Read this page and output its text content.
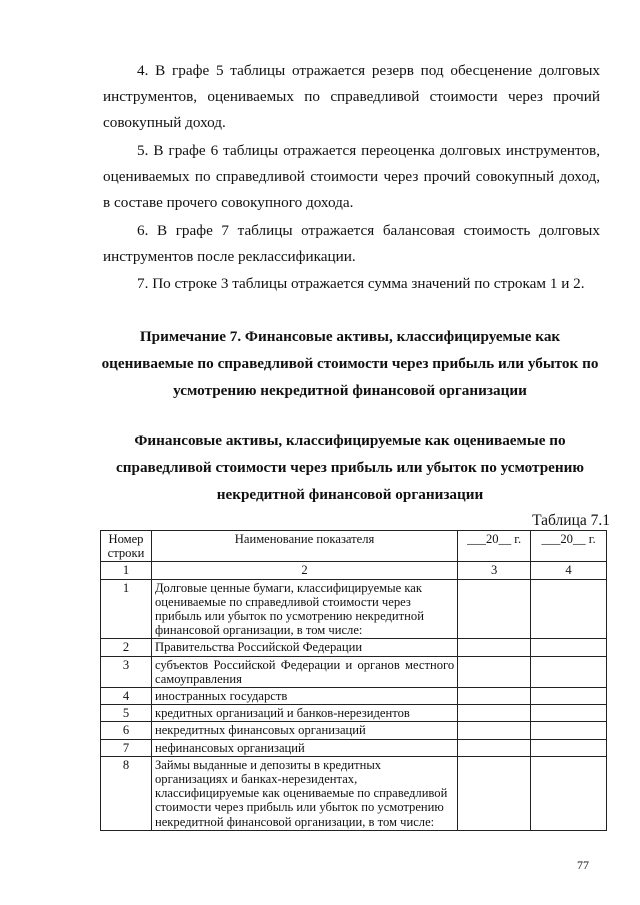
4. В графе 5 таблицы отражается резерв под обесценение долговых инструментов, оцениваемых по справедливой стоимости через прочий совокупный доход.

5. В графе 6 таблицы отражается переоценка долговых инструментов, оцениваемых по справедливой стоимости через прочий совокупный доход, в составе прочего совокупного дохода.

6. В графе 7 таблицы отражается балансовая стоимость долговых инструментов после реклассификации.

7. По строке 3 таблицы отражается сумма значений по строкам 1 и 2.

Примечание 7. Финансовые активы, классифицируемые как
оцениваемые по справедливой стоимости через прибыль или убыток по
усмотрению некредитной финансовой организации
Финансовые активы, классифицируемые как оцениваемые по
справедливой стоимости через прибыль или убыток по усмотрению
некредитной финансовой организации
Таблица 7.1
Номер строки	Наименование показателя	___20__ г.	___20__ г.
1	2	3	4
1	Долговые ценные бумаги, классифицируемые как оцениваемые по справедливой стоимости через прибыль или убыток по усмотрению некредитной финансовой организации, в том числе:		
2	Правительства Российской Федерации		
3	субъектов Российской Федерации и органов местного самоуправления		
4	иностранных государств		
5	кредитных организаций и банков-нерезидентов		
6	некредитных финансовых организаций		
7	нефинансовых организаций		
8	Займы выданные и депозиты в кредитных организациях и банках-нерезидентах, классифицируемые как оцениваемые по справедливой стоимости через прибыль или убыток по усмотрению некредитной финансовой организации, в том числе:		
77
